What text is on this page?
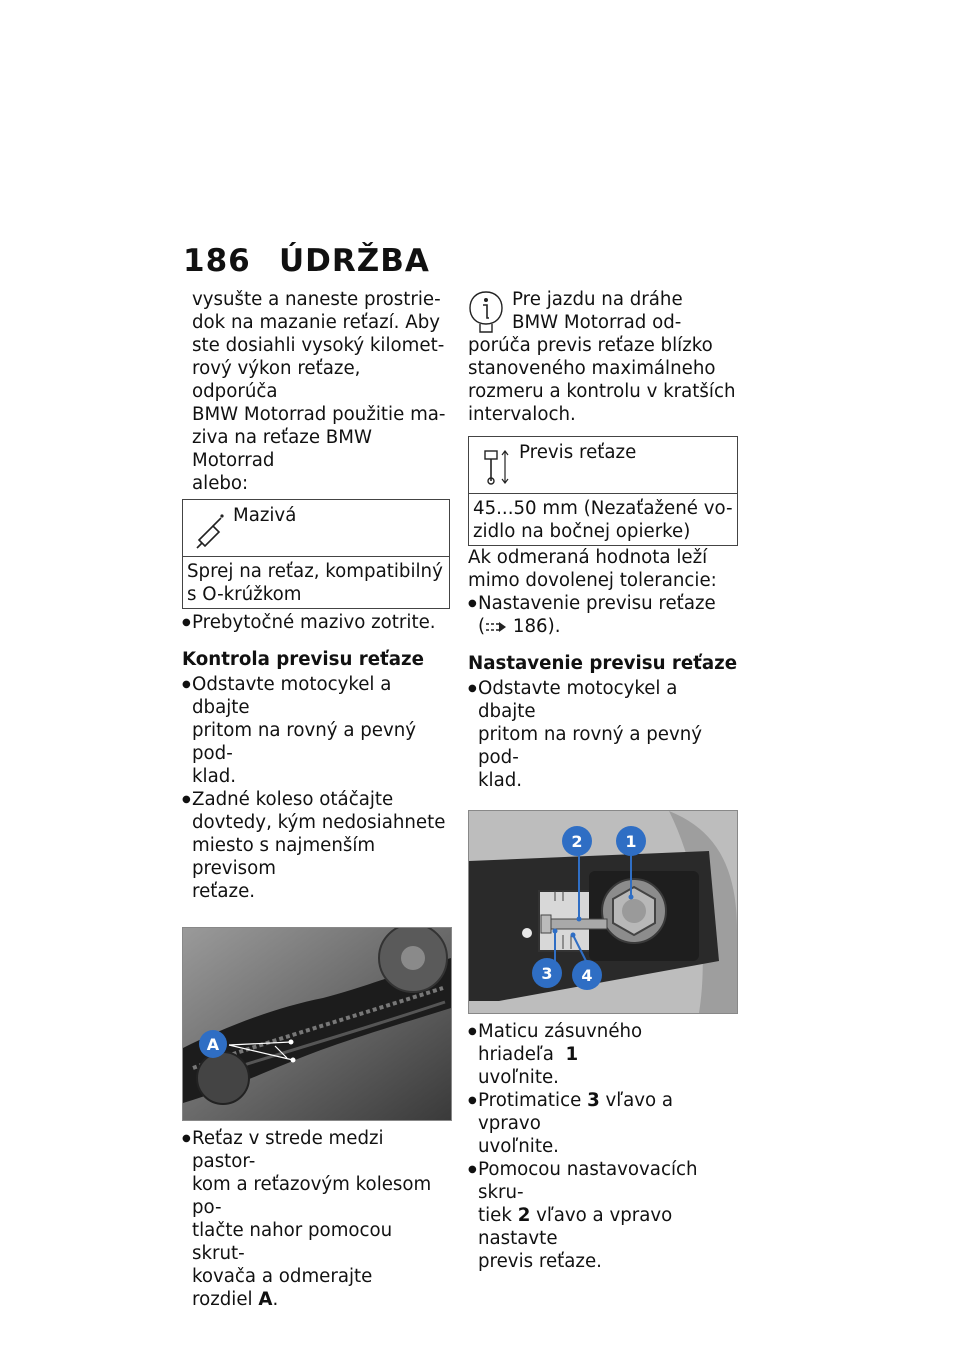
186 ÚDRŽBA

vysušte a naneste prostrie-

dok na mazanie reťazí. Aby

ste dosiahli vysoký kilomet-

rový výkon reťaze, odporúča

BMW Motorrad použitie ma-

ziva na reťaze BMW Motorrad

alebo:

Mazivá

Sprej na reťaz, kompatibilný

s O-krúžkom

● Prebytočné mazivo zotrite.

Kontrola previsu reťaze

● Odstavte motocykel a dbajte
pritom na rovný a pevný pod-
klad.
● Zadné koleso otáčajte
dovtedy, kým nedosiahnete
miesto s najmenším previsom
reťaze.
A
● Reťaz v strede medzi pastor-
kom a reťazovým kolesom po-
tlačte nahor pomocou skrut-
kovača a odmerajte rozdiel A.

Pre jazdu na dráhe

BMW Motorrad od-

porúča previs reťaze blízko

stanoveného maximálneho

rozmeru a kontrolu v kratších

intervaloch.

Previs reťaze

45...50 mm (Nezaťažené vo-

zidlo na bočnej opierke)

Ak odmeraná hodnota leží

mimo dovolenej tolerancie:

● Nastavenie previsu reťaze
( 186).

Nastavenie previsu reťaze

● Odstavte motocykel a dbajte
pritom na rovný a pevný pod-
klad.
2	1
3 4
● Maticu zásuvného hriadeľa 1
uvoľnite.
● Protimatice 3 vľavo a vpravo
uvoľnite.
● Pomocou nastavovacích skru-
tiek 2 vľavo a vpravo nastavte
previs reťaze.
